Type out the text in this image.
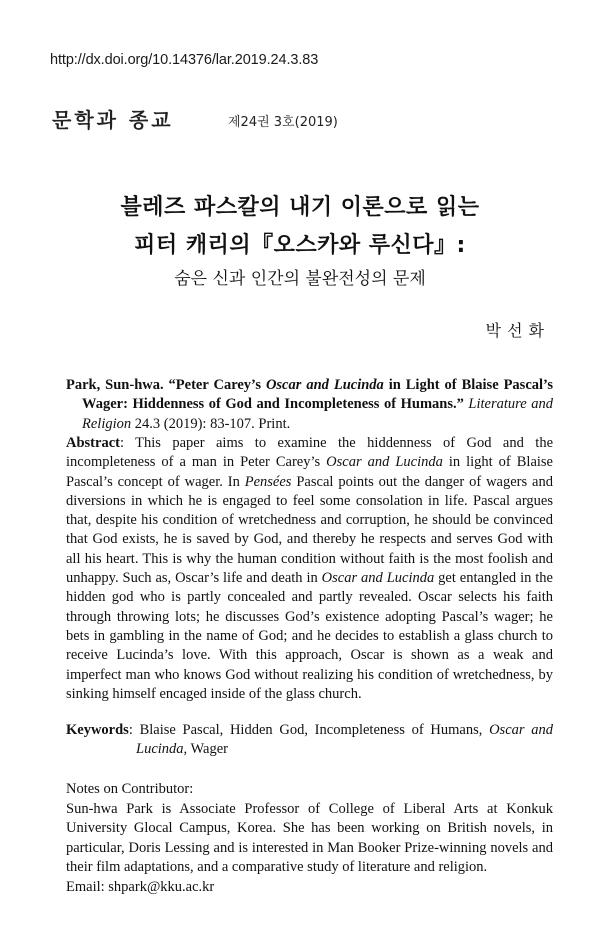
http://dx.doi.org/10.14376/lar.2019.24.3.83
문학과 종교	제24권 3호(2019)
블레즈 파스칼의 내기 이론으로 읽는
피터 캐리의『오스카와 루신다』:
숨은 신과 인간의 불완전성의 문제
박선화
Park, Sun-hwa. “Peter Carey’s Oscar and Lucinda in Light of Blaise Pascal’s Wager: Hiddenness of God and Incompleteness of Humans.” Literature and Religion 24.3 (2019): 83-107. Print.
Abstract: This paper aims to examine the hiddenness of God and the incompleteness of a man in Peter Carey’s Oscar and Lucinda in light of Blaise Pascal’s concept of wager. In Pensées Pascal points out the danger of wagers and diversions in which he is engaged to feel some consolation in life. Pascal argues that, despite his condition of wretchedness and corruption, he should be convinced that God exists, he is saved by God, and thereby he respects and serves God with all his heart. This is why the human condition without faith is the most foolish and unhappy. Such as, Oscar’s life and death in Oscar and Lucinda get entangled in the hidden god who is partly concealed and partly revealed. Oscar selects his faith through throwing lots; he discusses God’s existence adopting Pascal’s wager; he bets in gambling in the name of God; and he decides to establish a glass church to receive Lucinda’s love. With this approach, Oscar is shown as a weak and imperfect man who knows God without realizing his condition of wretchedness, by sinking himself encaged inside of the glass church.
Keywords: Blaise Pascal, Hidden God, Incompleteness of Humans, Oscar and Lucinda, Wager
Notes on Contributor:
Sun-hwa Park is Associate Professor of College of Liberal Arts at Konkuk University Glocal Campus, Korea. She has been working on British novels, in particular, Doris Lessing and is interested in Man Booker Prize-winning novels and their film adaptations, and a comparative study of literature and religion.
Email: shpark@kku.ac.kr
